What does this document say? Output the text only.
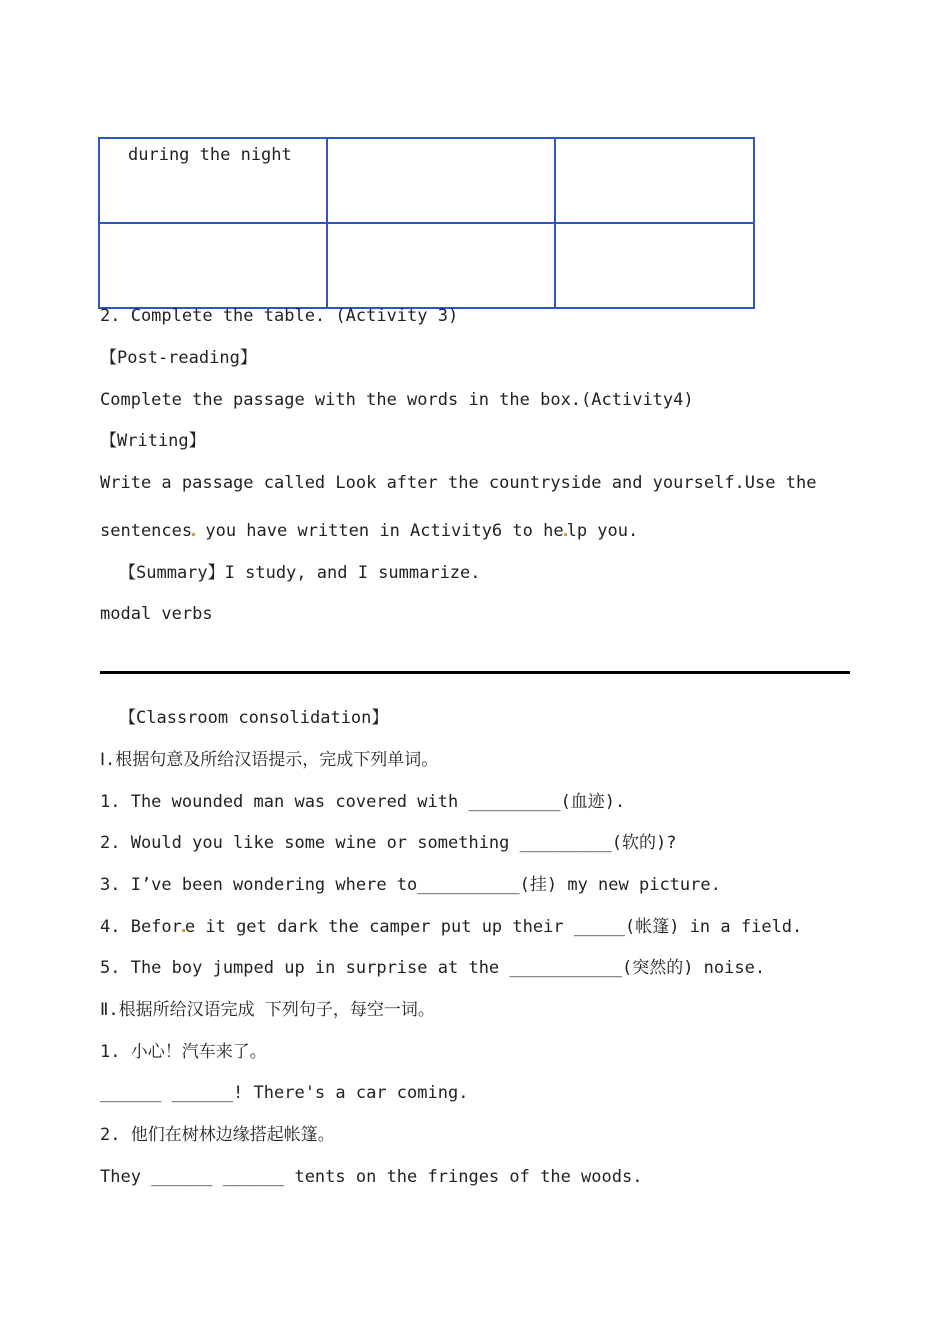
during the night		

2. Complete the table. (Activity 3)
【Post-reading】
Complete the passage with the words in the box.(Activity4)
【Writing】
Write a passage called Look after the countryside and yourself.Use the
sentences you have written in Activity6 to he lp you.
【Summary】I study, and I summarize.
modal verbs
【Classroom consolidation】
Ⅰ.根据句意及所给汉语提示，完成下列单词。
1. The wounded man was covered with _________(血迹).
2. Would you like some wine or something _________(软的)?
3. I’ve been wondering where to__________(挂) my new picture.
4. Befor e it get dark the camper put up their _____(帐篷) in a field.
5. The boy jumped up in surprise at the ___________(突然的) noise.
Ⅱ.根据所给汉语完成 下列句子，每空一词。
1. 小心！汽车来了。
______ ______! There's a car coming.
2. 他们在树林边缘搭起帐篷。
They ______ ______ tents on the fringes of the woods.
